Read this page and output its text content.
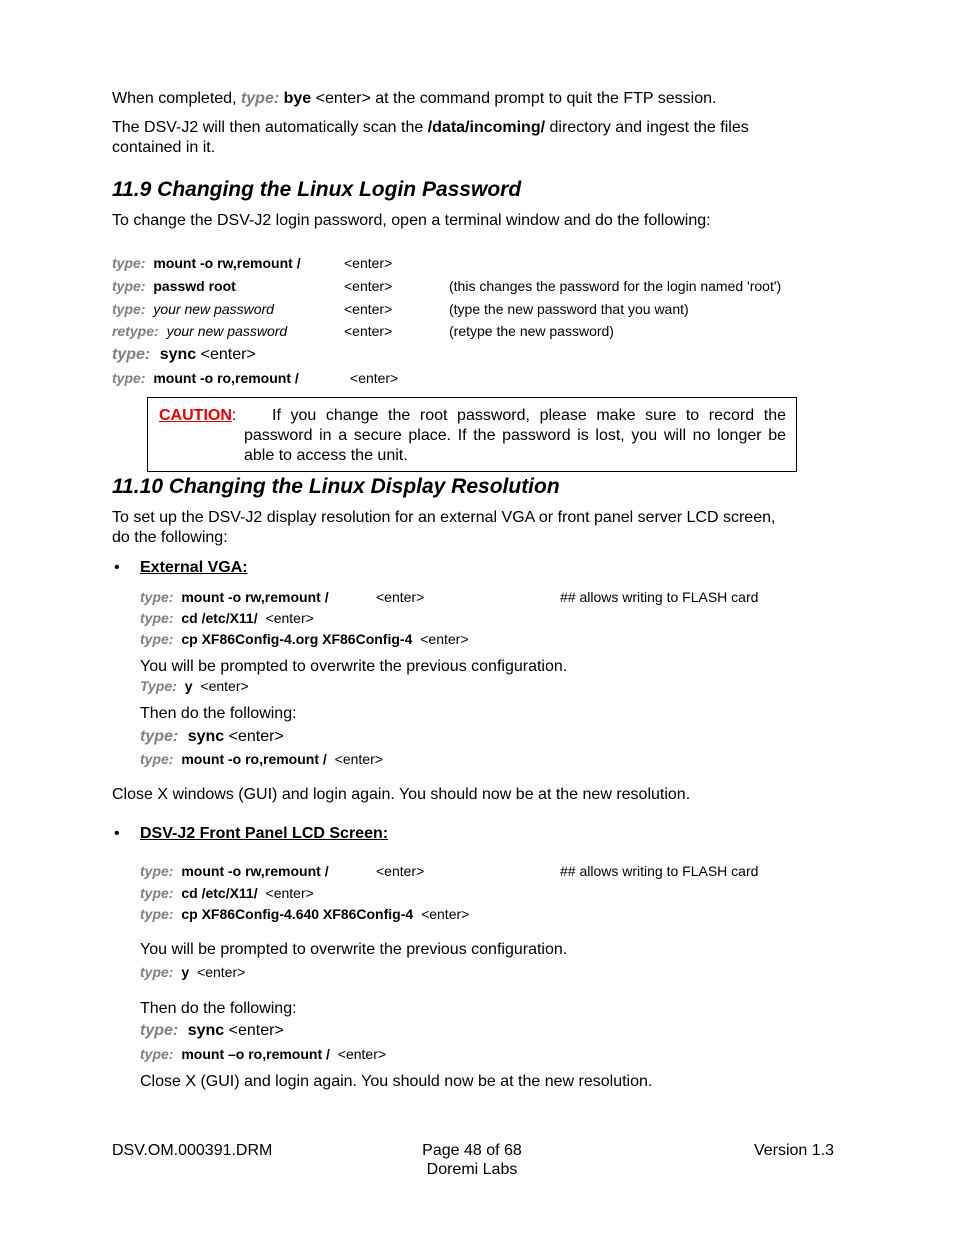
When completed, type: bye <enter> at the command prompt to quit the FTP session.
The DSV-J2 will then automatically scan the /data/incoming/ directory and ingest the files
contained in it.
11.9 Changing the Linux Login Password
To change the DSV-J2 login password, open a terminal window and do the following:
type: mount -o rw,remount /	<enter>
type: passwd root	<enter>	(this changes the password for the login named 'root')
type: your new password	<enter>	(type the new password that you want)
retype: your new password	<enter>	(retype the new password)
type: sync <enter>
type: mount -o ro,remount /	<enter>
CAUTION:	If you change the root password, please make sure to record the password in a secure place. If the password is lost, you will no longer be able to access the unit.
11.10 Changing the Linux Display Resolution
To set up the DSV-J2 display resolution for an external VGA or front panel server LCD screen,
do the following:
• External VGA:
type: mount -o rw,remount /	<enter>	## allows writing to FLASH card
type: cd /etc/X11/ <enter>
type: cp XF86Config-4.org XF86Config-4 <enter>
You will be prompted to overwrite the previous configuration.
Type: y <enter>
Then do the following:
type: sync <enter>
type: mount -o ro,remount / <enter>
Close X windows (GUI) and login again. You should now be at the new resolution.
• DSV-J2 Front Panel LCD Screen:
type: mount -o rw,remount /	<enter>	## allows writing to FLASH card
type: cd /etc/X11/ <enter>
type: cp XF86Config-4.640 XF86Config-4 <enter>
You will be prompted to overwrite the previous configuration.
type: y <enter>
Then do the following:
type: sync <enter>
type: mount –o ro,remount / <enter>
Close X (GUI) and login again. You should now be at the new resolution.
DSV.OM.000391.DRM	Page 48 of 68
Doremi Labs
Version 1.3
